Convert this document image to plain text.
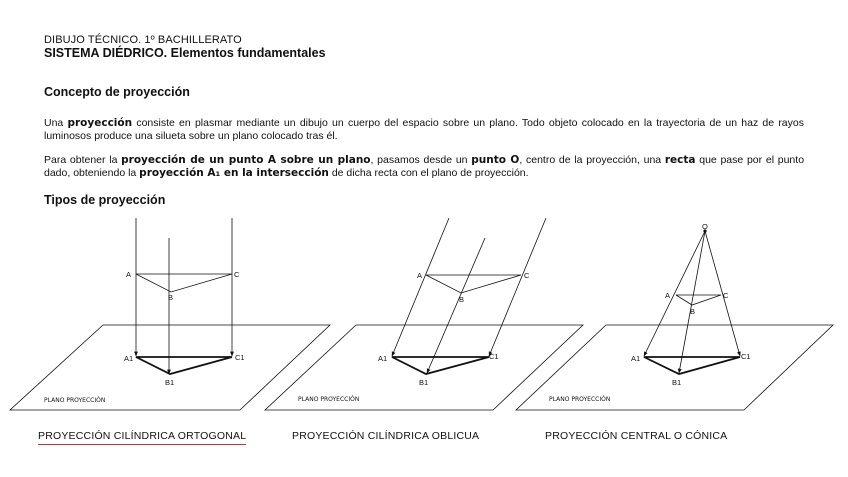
DIBUJO TÉCNICO. 1º BACHILLERATO
SISTEMA DIÉDRICO. Elementos fundamentales
Concepto de proyección
Una proyección consiste en plasmar mediante un dibujo un cuerpo del espacio sobre un plano. Todo objeto colocado en la trayectoria de un haz de rayos luminosos produce una silueta sobre un plano colocado tras él.
Para obtener la proyección de un punto A sobre un plano, pasamos desde un punto O, centro de la proyección, una recta que pase por el punto dado, obteniendo la proyección A₁ en la intersección de dicha recta con el plano de proyección.
Tipos de proyección
A	C
B
A1	C1
B1
PLANO PROYECCIÓN
A	C
B
A1	C1
B1
PLANO PROYECCIÓN
O
A	C
B
A1	C1
B1
PLANO PROYECCIÓN
PROYECCIÓN CILÍNDRICA ORTOGONAL	PROYECCIÓN CILÍNDRICA OBLICUA	PROYECCIÓN CENTRAL O CÓNICA
